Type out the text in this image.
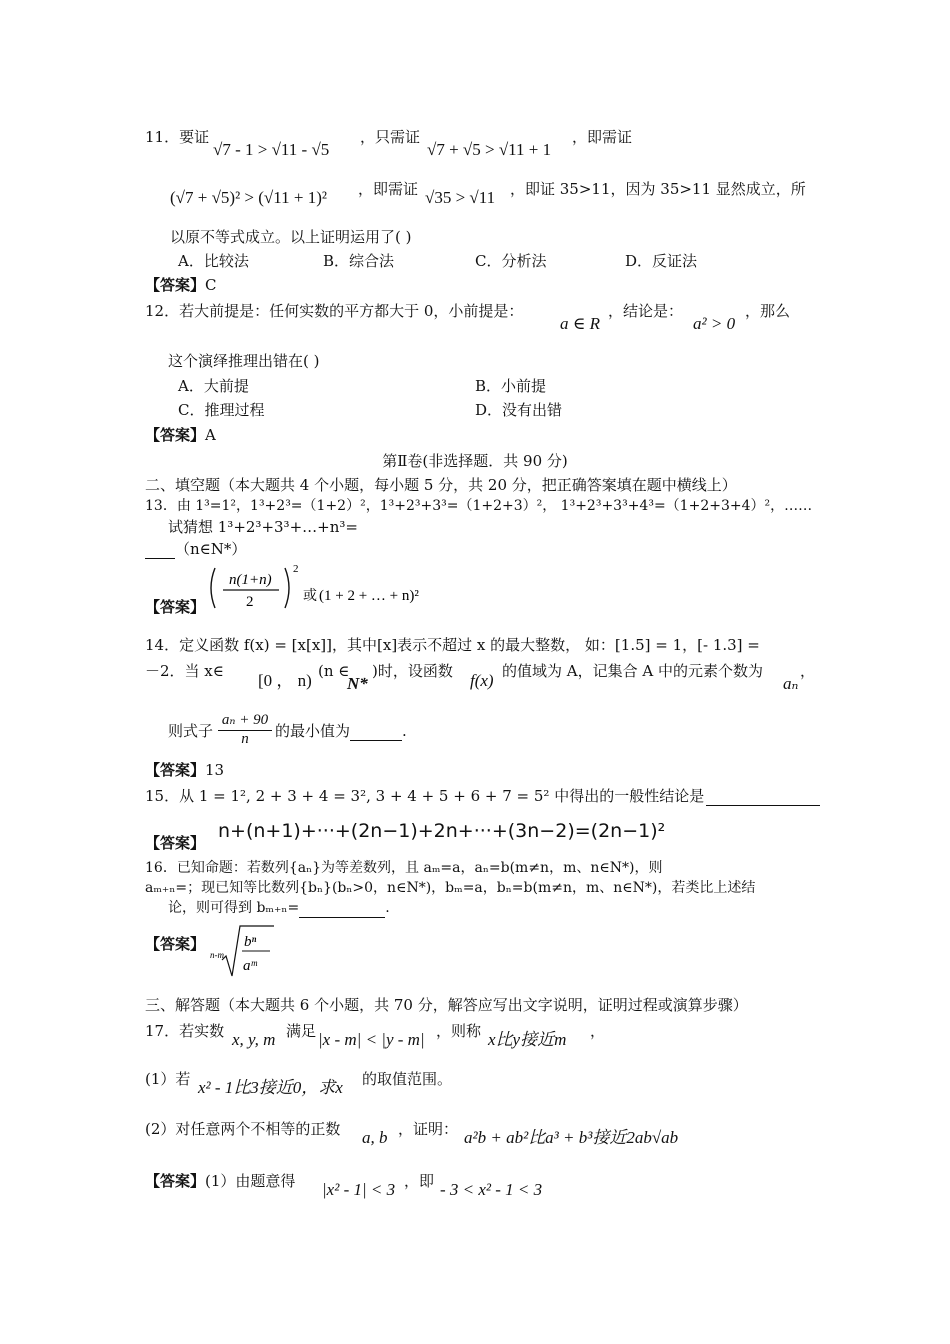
11．要证
√7 - 1 > √11 - √5
，只需证
√7 + √5 > √11 + 1
，即需证
(√7 + √5)² > (√11 + 1)² ，即需证 √35 > √11 ，即证 35>11，因为 35>11 显然成立，所
以原不等式成立。以上证明运用了( )
A．比较法	B．综合法	C．分析法	D．反证法
【答案】C
12．若大前提是：任何实数的平方都大于 0，小前提是：
a ∈ R
，结论是：
a² > 0
，那么
这个演绎推理出错在( )
A．大前提	B．小前提
C．推理过程	D．没有出错
【答案】A
第Ⅱ卷(非选择题．共 90 分)
二、填空题（本大题共 4 个小题，每小题 5 分，共 20 分，把正确答案填在题中横线上）
13．由 1³=1²，1³+2³=（1+2）²，1³+2³+3³=（1+2+3）²， 1³+2³+3³+4³=（1+2+3+4）²，……
试猜想 1³+2³+3³+…+n³=
（n∈N*）
【答案】
n(1+n)
2
2
或 (1 + 2 + … + n)²
14．定义函数 f(x) = [x[x]]，其中[x]表示不超过 x 的最大整数， 如：[1.5] = 1，[- 1.3] =
－2．当 x∈ [0 ， n) (n ∈
N*
)时，设函数 f(x) 的值域为 A，记集合 A 中的元素个数为
aₙ
，
则式子 $\frac{\text{aₙ + 90}}{n}$ 的最小值为	.
【答案】13
15．从 1 = 1², 2 + 3 + 4 = 3², 3 + 4 + 5 + 6 + 7 = 5² 中得出的一般性结论是
【答案】
n+(n+1)+···+(2n−1)+2n+···+(3n−2)=(2n−1)²
16．已知命题：若数列{aₙ}为等差数列，且 aₘ=a，aₙ=b(m≠n，m、n∈N*)，则
aₘ₊ₙ=；现已知等比数列{bₙ}(bₙ>0，n∈N*)，bₘ=a，bₙ=b(m≠n，m、n∈N*)，若类比上述结
论，则可得到 bₘ₊ₙ=	.
【答案】
n-m
bⁿ
aᵐ
三、解答题（本大题共 6 个小题，共 70 分，解答应写出文字说明，证明过程或演算步骤）
17．若实数 x, y, m 满足 |x - m| < |y - m| ，则称 x比y接近m ，
(1）若 x² - 1比3接近0，求x 的取值范围。
(2）对任意两个不相等的正数 a, b ，证明： a²b + ab²比a³ + b³接近2ab√ab
【答案】(1）由题意得 |x² - 1| < 3 ，即 - 3 < x² - 1 < 3
